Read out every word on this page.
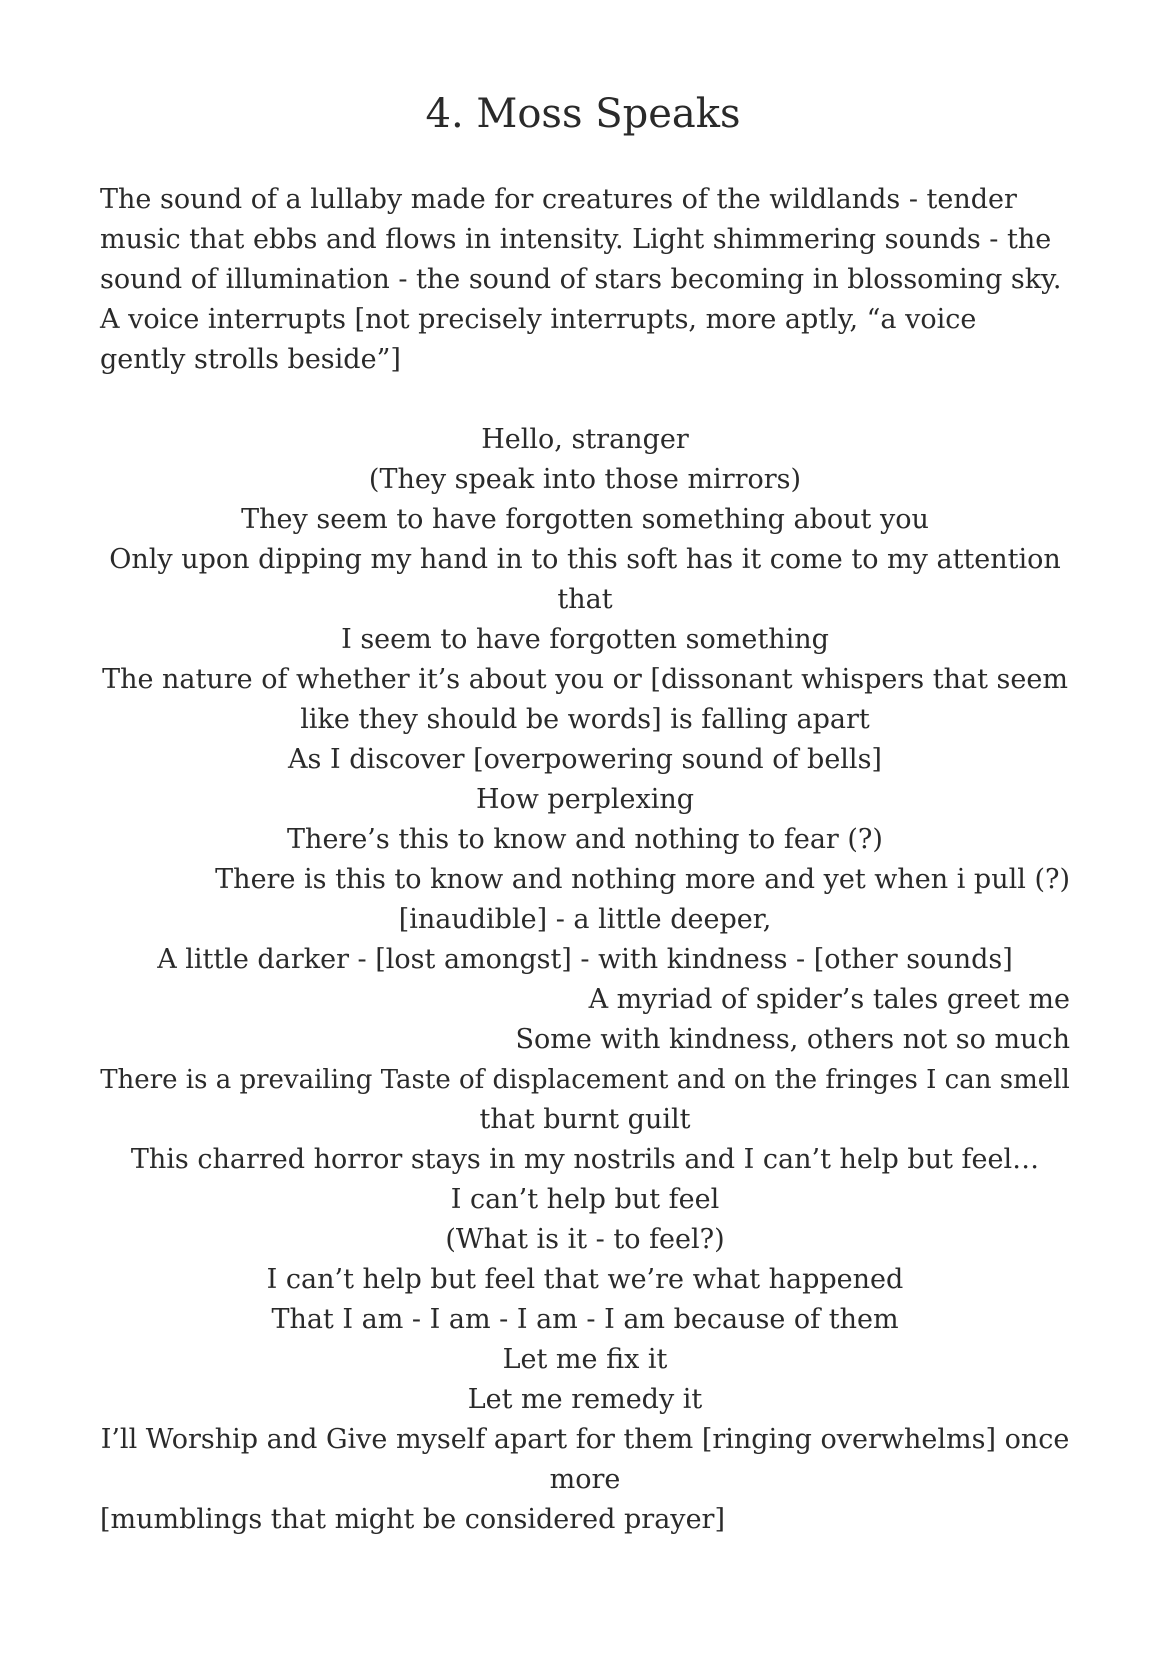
4. Moss Speaks

The sound of a lullaby made for creatures of the wildlands - tender music that ebbs and flows in intensity. Light shimmering sounds - the sound of illumination - the sound of stars becoming in blossoming sky. A voice interrupts [not precisely interrupts, more aptly, “a voice gently strolls beside”]

Hello, stranger

(They speak into those mirrors)

They seem to have forgotten something about you

Only upon dipping my hand in to this soft has it come to my attention

that

I seem to have forgotten something

The nature of whether it’s about you or [dissonant whispers that seem

like they should be words] is falling apart

As I discover [overpowering sound of bells]

How perplexing

There’s this to know and nothing to fear (?)

There is this to know and nothing more and yet when i pull (?)

[inaudible] - a little deeper,

A little darker - [lost amongst] - with kindness - [other sounds]

A myriad of spider’s tales greet me

Some with kindness, others not so much

There is a prevailing Taste of displacement and on the fringes I can smell

that burnt guilt

This charred horror stays in my nostrils and I can’t help but feel…

I can’t help but feel

(What is it - to feel?)

I can’t help but feel that we’re what happened

That I am - I am - I am - I am because of them

Let me fix it

Let me remedy it

I’ll Worship and Give myself apart for them [ringing overwhelms] once

more

[mumblings that might be considered prayer]
